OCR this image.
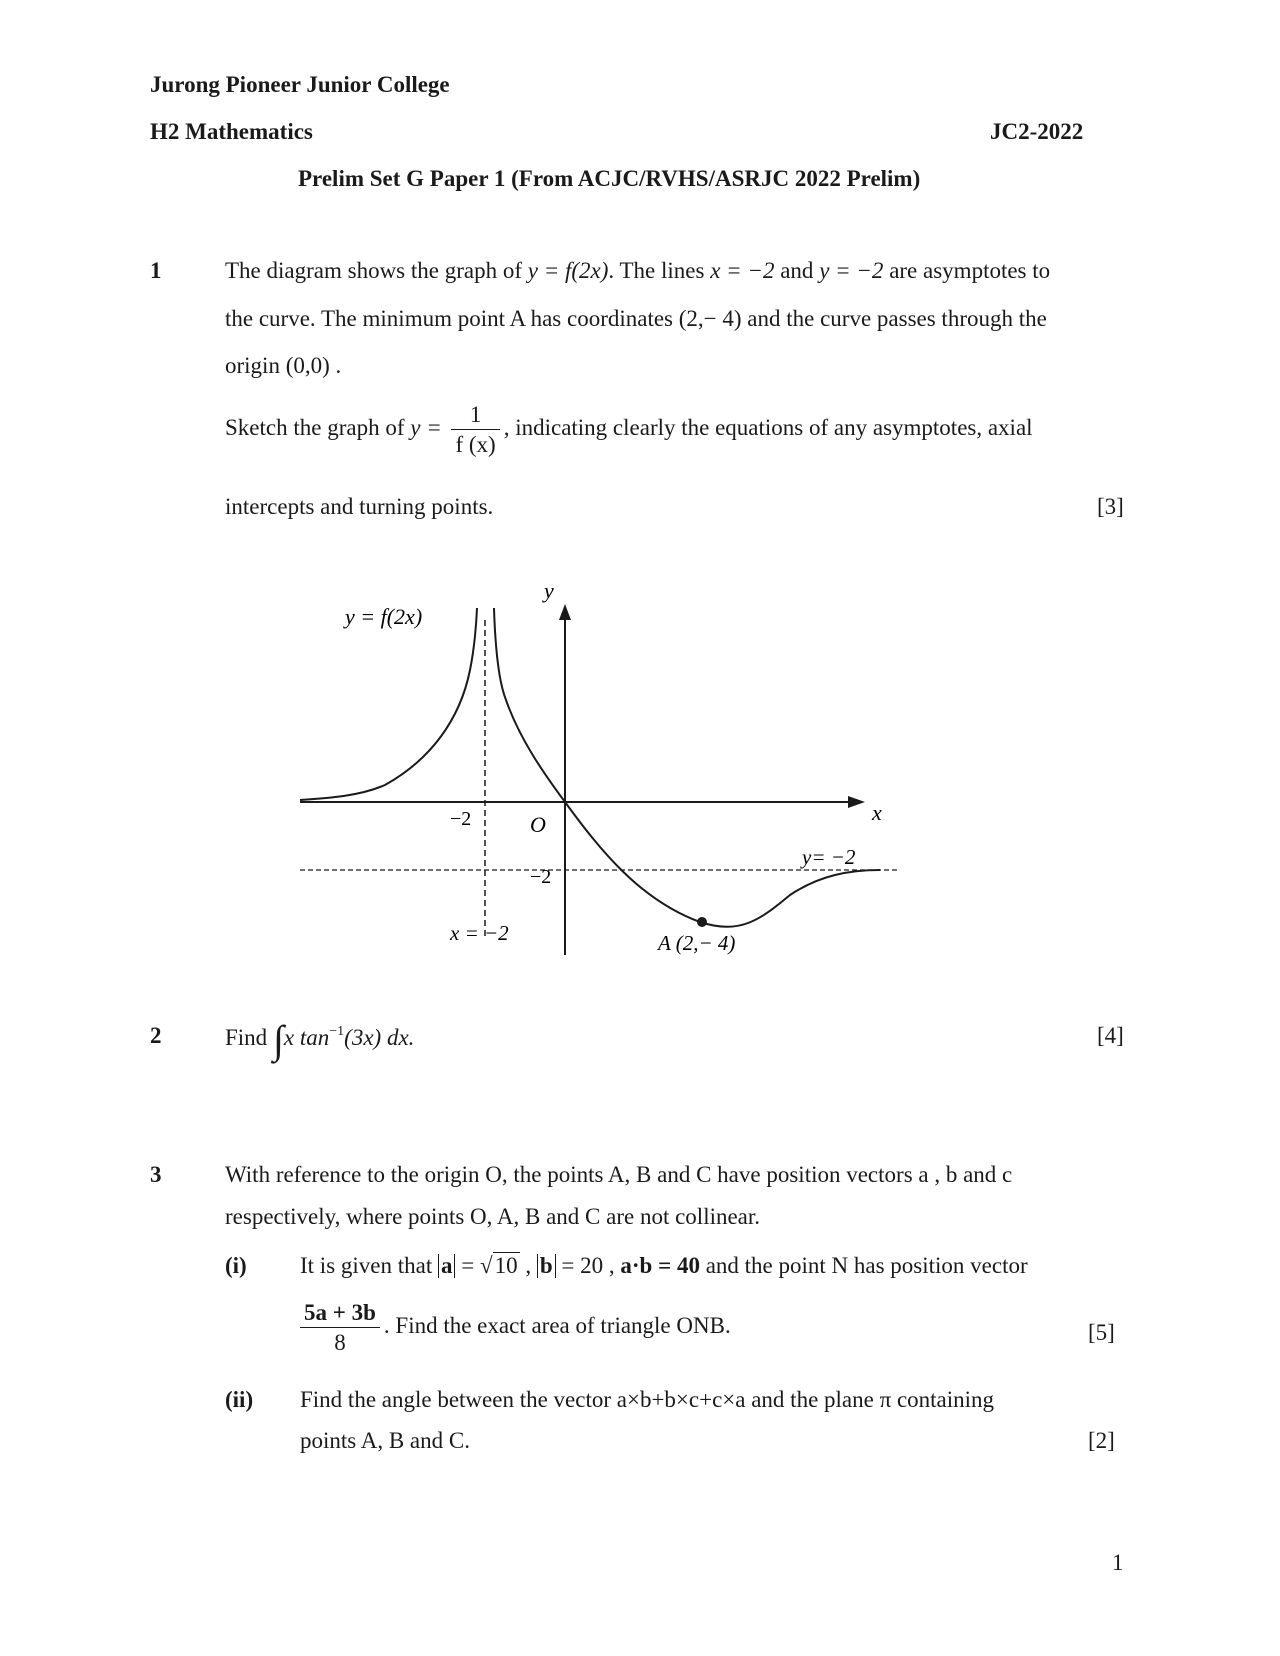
Jurong Pioneer Junior College
H2 Mathematics	JC2-2022
Prelim Set G Paper 1 (From ACJC/RVHS/ASRJC 2022 Prelim)
1	The diagram shows the graph of y = f(2x). The lines x = −2 and y = −2 are asymptotes to
the curve. The minimum point A has coordinates (2,− 4) and the curve passes through the
origin (0,0) .
Sketch the graph of $y = \frac{1}{f (x)}$ , indicating clearly the equations of any asymptotes, axial
intercepts and turning points.	[3]
y = f(2x)
y
x
O
−2
−2
y= −2
x = −2	A (2,− 4)
2	Find ∫x $\tan^{-1}(3x)$ dx.	[4]
3	With reference to the origin O, the points A, B and C have position vectors a , b and c
respectively, where points O, A, B and C are not collinear.
(i) It is given that a = √10 , b = 20 , a·b = 40 and the point N has position vector
$\frac{5a + 3b}{8}$ . Find the exact area of triangle ONB.	[5]
(ii) Find the angle between the vector a×b+b×c+c×a and the plane π containing
points A, B and C.	[2]
1
